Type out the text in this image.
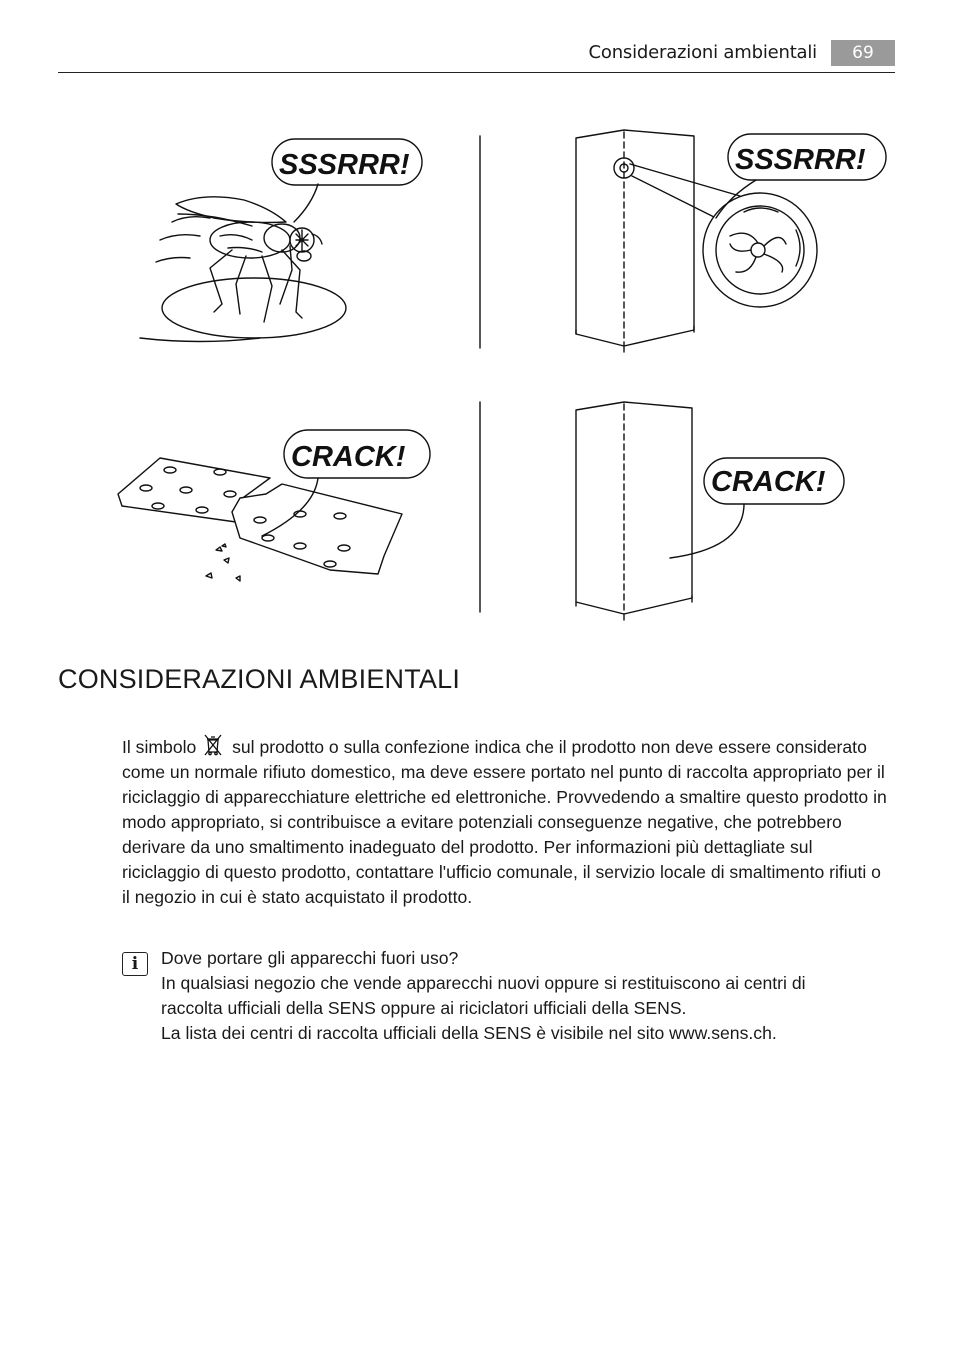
Considerazioni ambientali	69
SSSRRR!	SSSRRR!
CRACK!
CRACK!
CONSIDERAZIONI AMBIENTALI

Il simbolo sul prodotto o sulla confezione indica che il prodotto non deve essere considerato come un normale rifiuto domestico, ma deve essere portato nel punto di raccolta appropriato per il riciclaggio di apparecchiature elettriche ed elettroniche. Provvedendo a smaltire questo prodotto in modo appropriato, si contribuisce a evitare potenziali conseguenze negative, che potrebbero derivare da uno smaltimento inadeguato del prodotto. Per informazioni più dettagliate sul riciclaggio di questo prodotto, contattare l'ufficio comunale, il servizio locale di smaltimento rifiuti o il negozio in cui è stato acquistato il prodotto.

i	Dove portare gli apparecchi fuori uso?
In qualsiasi negozio che vende apparecchi nuovi oppure si restituiscono ai centri di
raccolta ufficiali della SENS oppure ai riciclatori ufficiali della SENS.
La lista dei centri di raccolta ufficiali della SENS è visibile nel sito www.sens.ch.
